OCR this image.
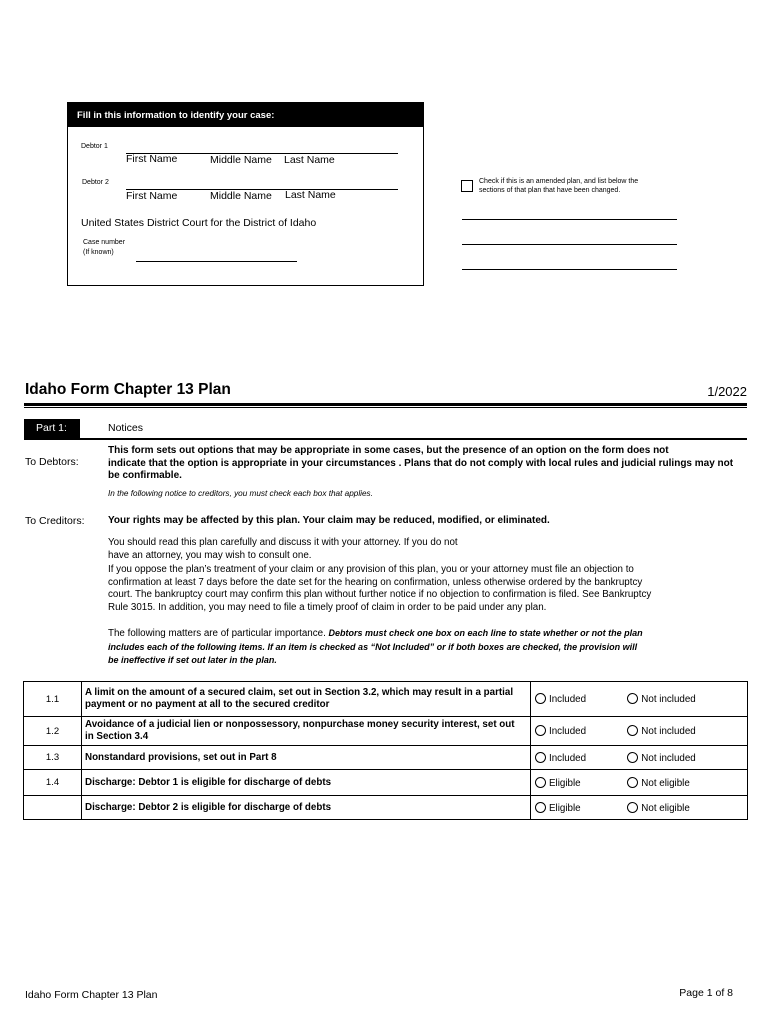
Fill in this information to identify your case:
Debtor 1
First Name	Middle Name Last Name
Debtor 2
First Name	Middle Name Last Name
United States District Court for the District of Idaho
Case number
(If known)
Check if this is an amended plan, and list below the
sections of that plan that have been changed.
Idaho Form Chapter 13 Plan	1/2022
Part 1:	Notices
To Debtors:
This form sets out options that may be appropriate in some cases, but the presence of an option on the form does not
indicate that the option is appropriate in your circumstances . Plans that do not comply with local rules and judicial rulings may not
be confirmable.
In the following notice to creditors, you must check each box that applies.
To Creditors: Your rights may be affected by this plan. Your claim may be reduced, modified, or eliminated.
You should read this plan carefully and discuss it with your attorney. If you do not
have an attorney, you may wish to consult one.
If you oppose the plan’s treatment of your claim or any provision of this plan, you or your attorney must file an objection to
confirmation at least 7 days before the date set for the hearing on confirmation, unless otherwise ordered by the bankruptcy
court. The bankruptcy court may confirm this plan without further notice if no objection to confirmation is filed. See Bankruptcy
Rule 3015. In addition, you may need to file a timely proof of claim in order to be paid under any plan.
The following matters are of particular importance. Debtors must check one box on each line to state whether or not the plan
includes each of the following items. If an item is checked as “Not Included” or if both boxes are checked, the provision will
be ineffective if set out later in the plan.
1.1	A limit on the amount of a secured claim, set out in Section 3.2, which may result in a partial
payment or no payment at all to the secured creditor	Included	Not included
1.2	Avoidance of a judicial lien or nonpossessory, nonpurchase money security interest, set out
in Section 3.4	Included	Not included
1.3	Nonstandard provisions, set out in Part 8	Included	Not included
1.4	Discharge: Debtor 1 is eligible for discharge of debts	Eligible	Not eligible
	Discharge: Debtor 2 is eligible for discharge of debts	Eligible	Not eligible
Idaho Form Chapter 13 Plan	Page 1 of 8
